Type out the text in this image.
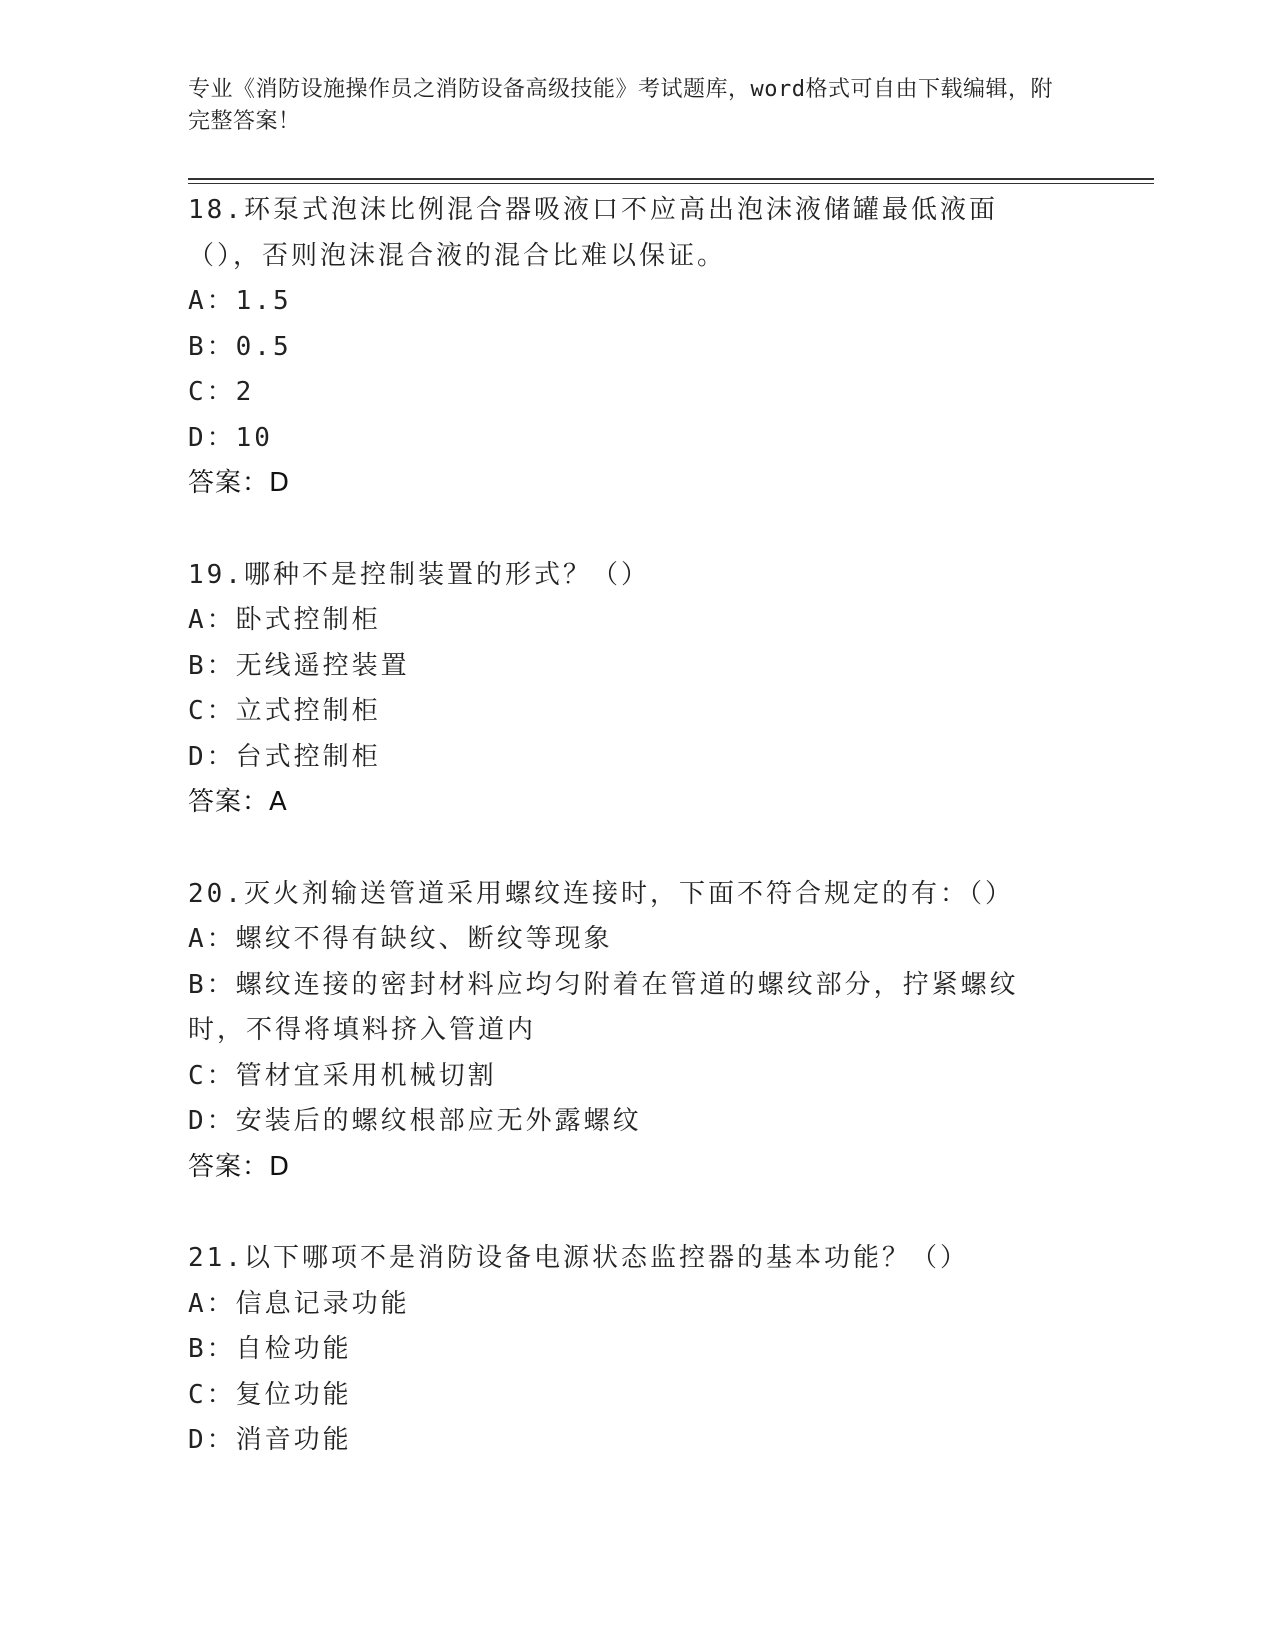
专业《消防设施操作员之消防设备高级技能》考试题库，word格式可自由下载编辑，附完整答案！

18.环泵式泡沫比例混合器吸液口不应高出泡沫液储罐最低液面（），否则泡沫混合液的混合比难以保证。

A：1.5

B：0.5

C：2

D：10

答案：D

19.哪种不是控制装置的形式？（）

A：卧式控制柜

B：无线遥控装置

C：立式控制柜

D：台式控制柜

答案：A

20.灭火剂输送管道采用螺纹连接时，下面不符合规定的有：（）

A：螺纹不得有缺纹、断纹等现象

B：螺纹连接的密封材料应均匀附着在管道的螺纹部分，拧紧螺纹时，不得将填料挤入管道内

C：管材宜采用机械切割

D：安装后的螺纹根部应无外露螺纹

答案：D

21.以下哪项不是消防设备电源状态监控器的基本功能？（）

A：信息记录功能

B：自检功能

C：复位功能

D：消音功能
